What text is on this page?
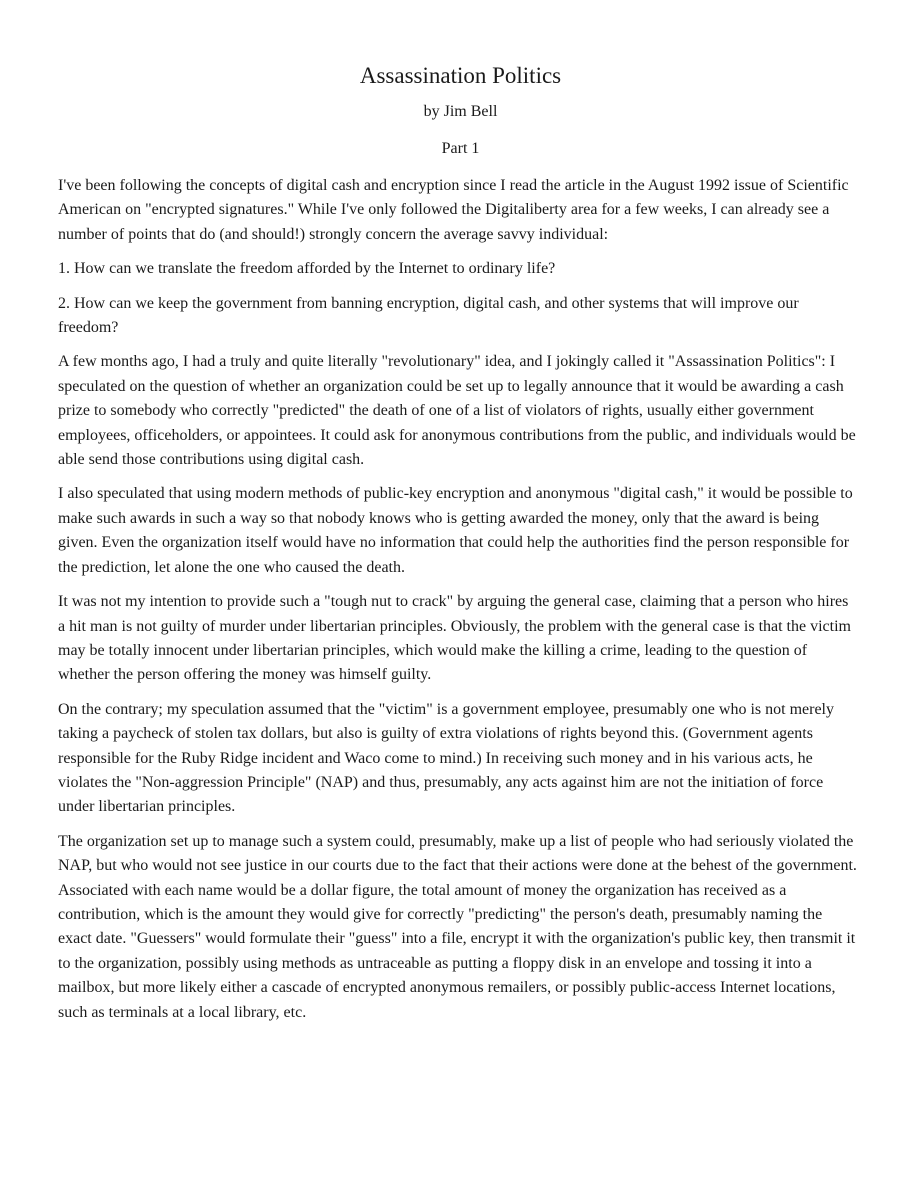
Assassination Politics
by Jim Bell
Part 1

I've been following the concepts of digital cash and encryption since I read the article in the August 1992 issue of Scientific American on "encrypted signatures." While I've only followed the Digitaliberty area for a few weeks, I can already see a number of points that do (and should!) strongly concern the average savvy individual:

1. How can we translate the freedom afforded by the Internet to ordinary life?

2. How can we keep the government from banning encryption, digital cash, and other systems that will improve our freedom?

A few months ago, I had a truly and quite literally "revolutionary" idea, and I jokingly called it "Assassination Politics": I speculated on the question of whether an organization could be set up to legally announce that it would be awarding a cash prize to somebody who correctly "predicted" the death of one of a list of violators of rights, usually either government employees, officeholders, or appointees. It could ask for anonymous contributions from the public, and individuals would be able send those contributions using digital cash.

I also speculated that using modern methods of public-key encryption and anonymous "digital cash," it would be possible to make such awards in such a way so that nobody knows who is getting awarded the money, only that the award is being given. Even the organization itself would have no information that could help the authorities find the person responsible for the prediction, let alone the one who caused the death.

It was not my intention to provide such a "tough nut to crack" by arguing the general case, claiming that a person who hires a hit man is not guilty of murder under libertarian principles. Obviously, the problem with the general case is that the victim may be totally innocent under libertarian principles, which would make the killing a crime, leading to the question of whether the person offering the money was himself guilty.

On the contrary; my speculation assumed that the "victim" is a government employee, presumably one who is not merely taking a paycheck of stolen tax dollars, but also is guilty of extra violations of rights beyond this. (Government agents responsible for the Ruby Ridge incident and Waco come to mind.) In receiving such money and in his various acts, he violates the "Non-aggression Principle" (NAP) and thus, presumably, any acts against him are not the initiation of force under libertarian principles.

The organization set up to manage such a system could, presumably, make up a list of people who had seriously violated the NAP, but who would not see justice in our courts due to the fact that their actions were done at the behest of the government. Associated with each name would be a dollar figure, the total amount of money the organization has received as a contribution, which is the amount they would give for correctly "predicting" the person's death, presumably naming the exact date. "Guessers" would formulate their "guess" into a file, encrypt it with the organization's public key, then transmit it to the organization, possibly using methods as untraceable as putting a floppy disk in an envelope and tossing it into a mailbox, but more likely either a cascade of encrypted anonymous remailers, or possibly public-access Internet locations, such as terminals at a local library, etc.
